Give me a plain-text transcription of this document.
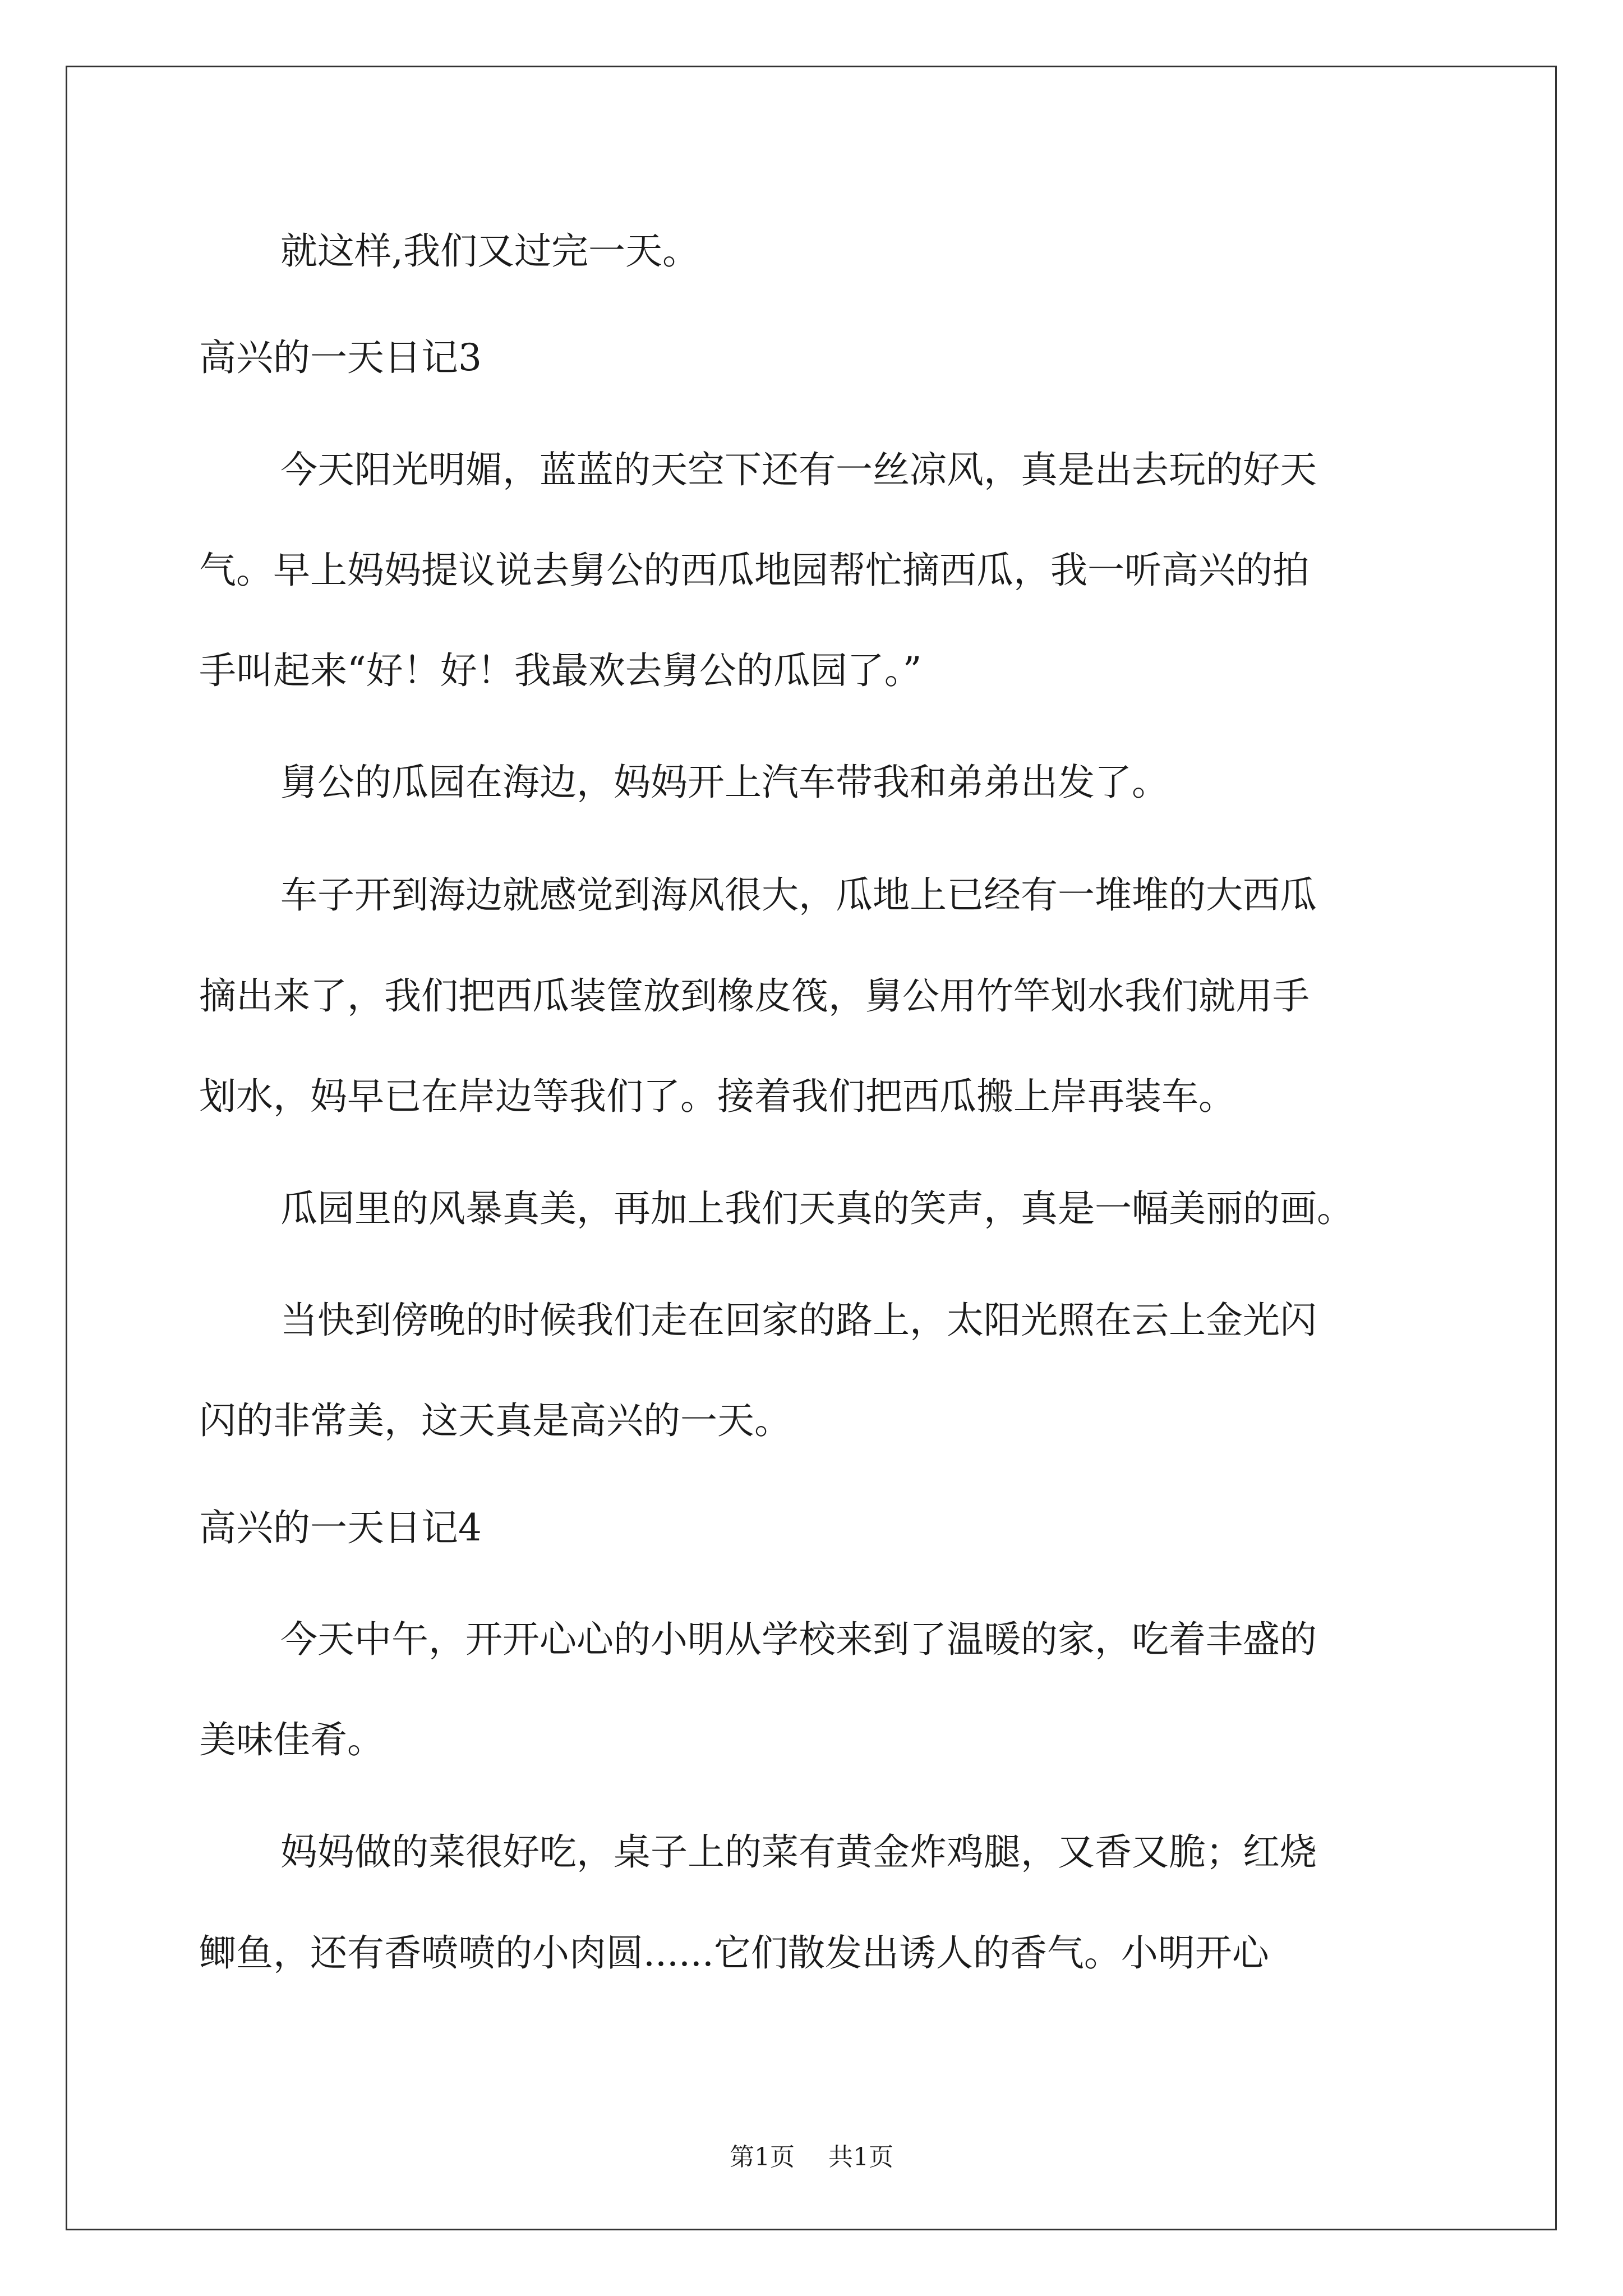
就这样,我们又过完一天。

高兴的一天日记3

今天阳光明媚，蓝蓝的天空下还有一丝凉风，真是出去玩的好天

气。早上妈妈提议说去舅公的西瓜地园帮忙摘西瓜，我一听高兴的拍

手叫起来“好！好！我最欢去舅公的瓜园了。”

舅公的瓜园在海边，妈妈开上汽车带我和弟弟出发了。

车子开到海边就感觉到海风很大，瓜地上已经有一堆堆的大西瓜

摘出来了，我们把西瓜装筐放到橡皮筏，舅公用竹竿划水我们就用手

划水，妈早已在岸边等我们了。接着我们把西瓜搬上岸再装车。

瓜园里的风暴真美，再加上我们天真的笑声，真是一幅美丽的画。

当快到傍晚的时候我们走在回家的路上，太阳光照在云上金光闪

闪的非常美，这天真是高兴的一天。

高兴的一天日记4

今天中午，开开心心的小明从学校来到了温暖的家，吃着丰盛的

美味佳肴。

妈妈做的菜很好吃，桌子上的菜有黄金炸鸡腿，又香又脆；红烧

鲫鱼，还有香喷喷的小肉圆......它们散发出诱人的香气。小明开心

第1页 共1页
